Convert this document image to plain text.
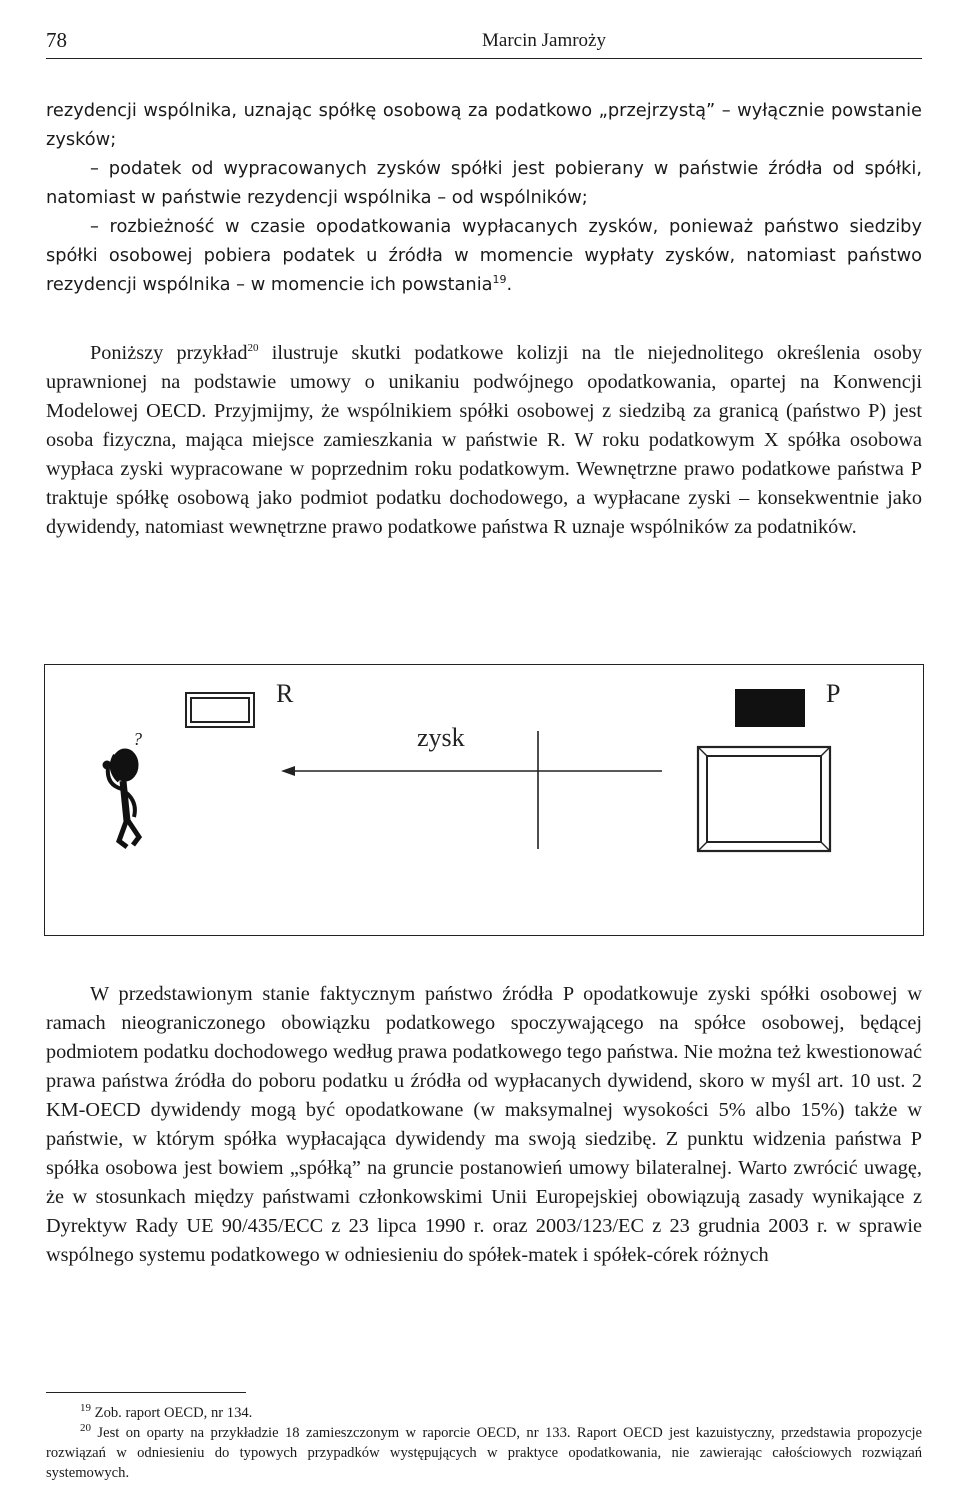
78	Marcin Jamroży

rezydencji wspólnika, uznając spółkę osobową za podatkowo „przejrzystą” – wyłącznie powstanie zysków;

– podatek od wypracowanych zysków spółki jest pobierany w państwie źródła od spółki, natomiast w państwie rezydencji wspólnika – od wspólników;

– rozbieżność w czasie opodatkowania wypłacanych zysków, ponieważ państwo siedziby spółki osobowej pobiera podatek u źródła w momencie wypłaty zysków, natomiast państwo rezydencji wspólnika – w momencie ich powstania$^{19}$.

Poniższy przykład$^{20}$ ilustruje skutki podatkowe kolizji na tle niejednolitego określenia osoby uprawnionej na podstawie umowy o unikaniu podwójnego opodatkowania, opartej na Konwencji Modelowej OECD. Przyjmijmy, że wspólnikiem spółki osobowej z siedzibą za granicą (państwo P) jest osoba fizyczna, mająca miejsce zamieszkania w państwie R. W roku podatkowym X spółka osobowa wypłaca zyski wypracowane w poprzednim roku podatkowym. Wewnętrzne prawo podatkowe państwa P traktuje spółkę osobową jako podmiot podatku dochodowego, a wypłacane zyski – konsekwentnie jako dywidendy, natomiast wewnętrzne prawo podatkowe państwa R uznaje wspólników za podatników.

R	P
zysk
?

W przedstawionym stanie faktycznym państwo źródła P opodatkowuje zyski spółki osobowej w ramach nieograniczonego obowiązku podatkowego spoczywającego na spółce osobowej, będącej podmiotem podatku dochodowego według prawa podatkowego tego państwa. Nie można też kwestionować prawa państwa źródła do poboru podatku u źródła od wypłacanych dywidend, skoro w myśl art. 10 ust. 2 KM-OECD dywidendy mogą być opodatkowane (w maksymalnej wysokości 5% albo 15%) także w państwie, w którym spółka wypłacająca dywidendy ma swoją siedzibę. Z punktu widzenia państwa P spółka osobowa jest bowiem „spółką” na gruncie postanowień umowy bilateralnej. Warto zwrócić uwagę, że w stosunkach między państwami członkowskimi Unii Europejskiej obowiązują zasady wynikające z Dyrektyw Rady UE 90/435/ECC z 23 lipca 1990 r. oraz 2003/123/EC z 23 grudnia 2003 r. w sprawie wspólnego systemu podatkowego w odniesieniu do spółek-matek i spółek-córek różnych

$^{19}$ Zob. raport OECD, nr 134.

$^{20}$ Jest on oparty na przykładzie 18 zamieszczonym w raporcie OECD, nr 133. Raport OECD jest kazuistyczny, przedstawia propozycje rozwiązań w odniesieniu do typowych przypadków występujących w praktyce opodatkowania, nie zawierając całościowych rozwiązań systemowych.
